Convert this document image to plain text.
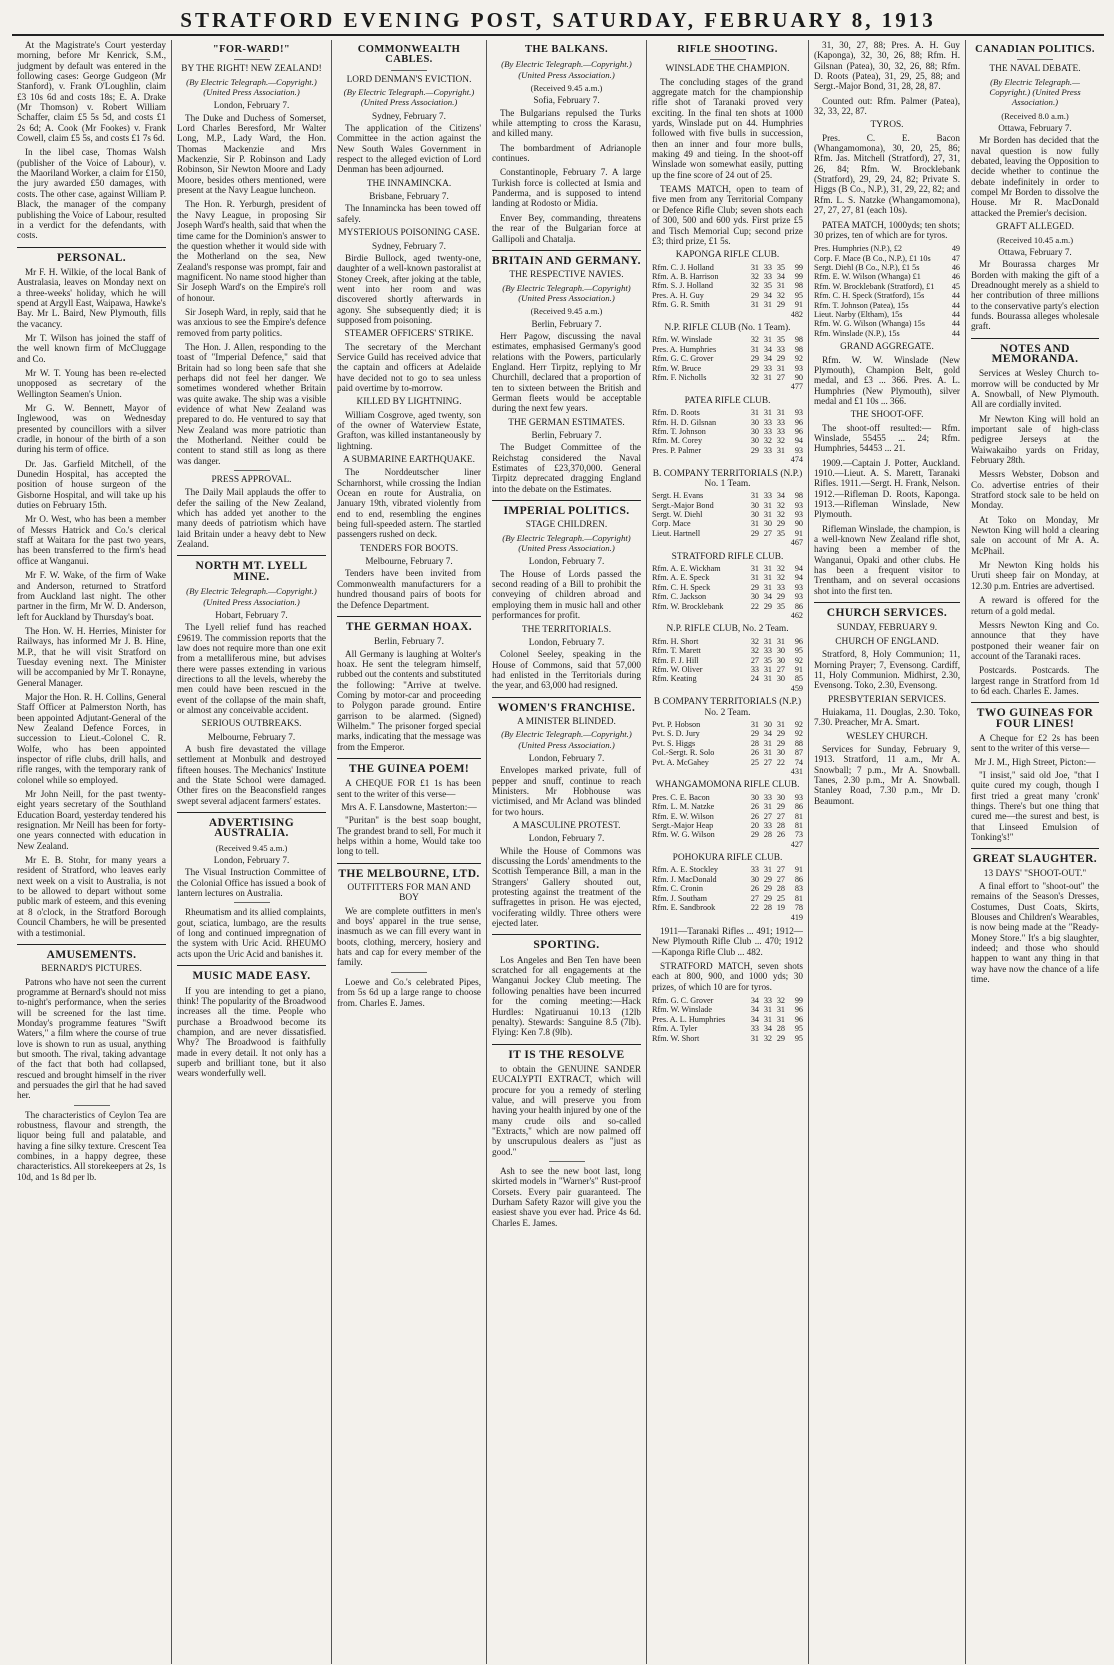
STRATFORD EVENING POST, SATURDAY, FEBRUARY 8, 1913

At the Magistrate's Court yesterday morning, before Mr Kenrick, S.M., judgment by default was entered in the following cases: George Gudgeon (Mr Stanford), v. Frank O'Loughlin, claim £3 10s 6d and costs 18s; E. A. Drake (Mr Thomson) v. Robert William Schaffer, claim £5 5s 5d, and costs £1 2s 6d; A. Cook (Mr Fookes) v. Frank Cowell, claim £5 5s, and costs £1 7s 6d.

In the libel case, Thomas Walsh (publisher of the Voice of Labour), v. the Maoriland Worker, a claim for £150, the jury awarded £50 damages, with costs. The other case, against William P. Black, the manager of the company publishing the Voice of Labour, resulted in a verdict for the defendants, with costs.

PERSONAL.

Mr F. H. Wilkie, of the local Bank of Australasia, leaves on Monday next on a three-weeks' holiday, which he will spend at Argyll East, Waipawa, Hawke's Bay. Mr L. Baird, New Plymouth, fills the vacancy.

Mr T. Wilson has joined the staff of the well known firm of McCluggage and Co.

Mr W. T. Young has been re-elected unopposed as secretary of the Wellington Seamen's Union.

Mr G. W. Bennett, Mayor of Inglewood, was on Wednesday presented by councillors with a silver cradle, in honour of the birth of a son during his term of office.

Dr. Jas. Garfield Mitchell, of the Dunedin Hospital, has accepted the position of house surgeon of the Gisborne Hospital, and will take up his duties on February 15th.

Mr O. West, who has been a member of Messrs Hatrick and Co.'s clerical staff at Waitara for the past two years, has been transferred to the firm's head office at Wanganui.

Mr F. W. Wake, of the firm of Wake and Anderson, returned to Stratford from Auckland last night. The other partner in the firm, Mr W. D. Anderson, left for Auckland by Thursday's boat.

The Hon. W. H. Herries, Minister for Railways, has informed Mr J. B. Hine, M.P., that he will visit Stratford on Tuesday evening next. The Minister will be accompanied by Mr T. Ronayne, General Manager.

Major the Hon. R. H. Collins, General Staff Officer at Palmerston North, has been appointed Adjutant-General of the New Zealand Defence Forces, in succession to Lieut.-Colonel C. R. Wolfe, who has been appointed inspector of rifle clubs, drill halls, and rifle ranges, with the temporary rank of colonel while so employed.

Mr John Neill, for the past twenty-eight years secretary of the Southland Education Board, yesterday tendered his resignation. Mr Neill has been for forty-one years connected with education in New Zealand.

Mr E. B. Stohr, for many years a resident of Stratford, who leaves early next week on a visit to Australia, is not to be allowed to depart without some public mark of esteem, and this evening at 8 o'clock, in the Stratford Borough Council Chambers, he will be presented with a testimonial.

AMUSEMENTS.
BERNARD'S PICTURES.

Patrons who have not seen the current programme at Bernard's should not miss to-night's performance, when the series will be screened for the last time. Monday's programme features "Swift Waters," a film where the course of true love is shown to run as usual, anything but smooth. The rival, taking advantage of the fact that both had collapsed, rescued and brought himself in the river and persuades the girl that he had saved her.

The characteristics of Ceylon Tea are robustness, flavour and strength, the liquor being full and palatable, and having a fine silky texture. Crescent Tea combines, in a happy degree, these characteristics. All storekeepers at 2s, 1s 10d, and 1s 8d per lb.

"FOR-WARD!"
BY THE RIGHT! NEW ZEALAND!
(By Electric Telegraph.—Copyright.) (United Press Association.)
London, February 7.

The Duke and Duchess of Somerset, Lord Charles Beresford, Mr Walter Long, M.P., Lady Ward, the Hon. Thomas Mackenzie and Mrs Mackenzie, Sir P. Robinson and Lady Robinson, Sir Newton Moore and Lady Moore, besides others mentioned, were present at the Navy League luncheon.

The Hon. R. Yerburgh, president of the Navy League, in proposing Sir Joseph Ward's health, said that when the time came for the Dominion's answer to the question whether it would side with the Motherland on the sea, New Zealand's response was prompt, fair and magnificent. No name stood higher than Sir Joseph Ward's on the Empire's roll of honour.

Sir Joseph Ward, in reply, said that he was anxious to see the Empire's defence removed from party politics.

The Hon. J. Allen, responding to the toast of "Imperial Defence," said that Britain had so long been safe that she perhaps did not feel her danger. We sometimes wondered whether Britain was quite awake. The ship was a visible evidence of what New Zealand was prepared to do. He ventured to say that New Zealand was more patriotic than the Motherland. Neither could be content to stand still as long as there was danger.

PRESS APPROVAL.

The Daily Mail applauds the offer to defer the sailing of the New Zealand, which has added yet another to the many deeds of patriotism which have laid Britain under a heavy debt to New Zealand.

NORTH MT. LYELL MINE.
(By Electric Telegraph.—Copyright.) (United Press Association.)
Hobart, February 7.

The Lyell relief fund has reached £9619. The commission reports that the law does not require more than one exit from a metalliferous mine, but advises there were passes extending in various directions to all the levels, whereby the men could have been rescued in the event of the collapse of the main shaft, or almost any conceivable accident.

SERIOUS OUTBREAKS.
Melbourne, February 7.

A bush fire devastated the village settlement at Monbulk and destroyed fifteen houses. The Mechanics' Institute and the State School were damaged. Other fires on the Beaconsfield ranges swept several adjacent farmers' estates.

ADVERTISING AUSTRALIA.
(Received 9.45 a.m.)
London, February 7.

The Visual Instruction Committee of the Colonial Office has issued a book of lantern lectures on Australia.

Rheumatism and its allied complaints, gout, sciatica, lumbago, are the results of long and continued impregnation of the system with Uric Acid. RHEUMO acts upon the Uric Acid and banishes it.

MUSIC MADE EASY.

If you are intending to get a piano, think! The popularity of the Broadwood increases all the time. People who purchase a Broadwood become its champion, and are never dissatisfied. Why? The Broadwood is faithfully made in every detail. It not only has a superb and brilliant tone, but it also wears wonderfully well.

COMMONWEALTH CABLES.
LORD DENMAN'S EVICTION.
(By Electric Telegraph.—Copyright.) (United Press Association.)
Sydney, February 7.

The application of the Citizens' Committee in the action against the New South Wales Government in respect to the alleged eviction of Lord Denman has been adjourned.

THE INNAMINCKA.
Brisbane, February 7.

The Innamincka has been towed off safely.

MYSTERIOUS POISONING CASE.
Sydney, February 7.

Birdie Bullock, aged twenty-one, daughter of a well-known pastoralist at Stoney Creek, after joking at the table, went into her room and was discovered shortly afterwards in agony. She subsequently died; it is supposed from poisoning.

STEAMER OFFICERS' STRIKE.

The secretary of the Merchant Service Guild has received advice that the captain and officers at Adelaide have decided not to go to sea unless paid overtime by to-morrow.

KILLED BY LIGHTNING.

William Cosgrove, aged twenty, son of the owner of Waterview Estate, Grafton, was killed instantaneously by lightning.

A SUBMARINE EARTHQUAKE.

The Norddeutscher liner Scharnhorst, while crossing the Indian Ocean en route for Australia, on January 19th, vibrated violently from end to end, resembling the engines being full-speeded astern. The startled passengers rushed on deck.

TENDERS FOR BOOTS.
Melbourne, February 7.

Tenders have been invited from Commonwealth manufacturers for a hundred thousand pairs of boots for the Defence Department.

THE GERMAN HOAX.
Berlin, February 7.

All Germany is laughing at Wolter's hoax. He sent the telegram himself, rubbed out the contents and substituted the following: "Arrive at twelve. Coming by motor-car and proceeding to Polygon parade ground. Entire garrison to be alarmed. (Signed) Wilhelm." The prisoner forged special marks, indicating that the message was from the Emperor.

THE GUINEA POEM!

A CHEQUE FOR £1 1s has been sent to the writer of this verse—

Mrs A. F. Lansdowne, Masterton:—

"Puritan" is the best soap bought, The grandest brand to sell, For much it helps within a home, Would take too long to tell.

THE MELBOURNE, LTD.
OUTFITTERS FOR MAN AND BOY

We are complete outfitters in men's and boys' apparel in the true sense, inasmuch as we can fill every want in boots, clothing, mercery, hosiery and hats and cap for every member of the family.

Loewe and Co.'s celebrated Pipes, from 5s 6d up a large range to choose from. Charles E. James.

THE BALKANS.
(By Electric Telegraph.—Copyright.) (United Press Association.)
(Received 9.45 a.m.)
Sofia, February 7.

The Bulgarians repulsed the Turks while attempting to cross the Karasu, and killed many.

The bombardment of Adrianople continues.

Constantinople, February 7. A large Turkish force is collected at Ismia and Panderma, and is supposed to intend landing at Rodosto or Midia.

Enver Bey, commanding, threatens the rear of the Bulgarian force at Gallipoli and Chatalja.

BRITAIN AND GERMANY.
THE RESPECTIVE NAVIES.
(By Electric Telegraph.—Copyright) (United Press Association.)
(Received 9.45 a.m.)
Berlin, February 7.

Herr Pagow, discussing the naval estimates, emphasised Germany's good relations with the Powers, particularly England. Herr Tirpitz, replying to Mr Churchill, declared that a proportion of ten to sixteen between the British and German fleets would be acceptable during the next few years.

THE GERMAN ESTIMATES.
Berlin, February 7.

The Budget Committee of the Reichstag considered the Naval Estimates of £23,370,000. General Tirpitz deprecated dragging England into the debate on the Estimates.

IMPERIAL POLITICS.
STAGE CHILDREN.
(By Electric Telegraph.—Copyright) (United Press Association.)
London, February 7.

The House of Lords passed the second reading of a Bill to prohibit the conveying of children abroad and employing them in music hall and other performances for profit.

THE TERRITORIALS.
London, February 7.

Colonel Seeley, speaking in the House of Commons, said that 57,000 had enlisted in the Territorials during the year, and 63,000 had resigned.

WOMEN'S FRANCHISE.
A MINISTER BLINDED.
(By Electric Telegraph.—Copyright.) (United Press Association.)
London, February 7.

Envelopes marked private, full of pepper and snuff, continue to reach Ministers. Mr Hobhouse was victimised, and Mr Acland was blinded for two hours.

A MASCULINE PROTEST.
London, February 7.

While the House of Commons was discussing the Lords' amendments to the Scottish Temperance Bill, a man in the Strangers' Gallery shouted out, protesting against the treatment of the suffragettes in prison. He was ejected, vociferating wildly. Three others were ejected later.

SPORTING.

Los Angeles and Ben Ten have been scratched for all engagements at the Wanganui Jockey Club meeting. The following penalties have been incurred for the coming meeting:—Hack Hurdles: Ngatiruanui 10.13 (12lb penalty). Stewards: Sanguine 8.5 (7lb). Flying: Ken 7.8 (9lb).

IT IS THE RESOLVE

to obtain the GENUINE SANDER EUCALYPTI EXTRACT, which will procure for you a remedy of sterling value, and will preserve you from having your health injured by one of the many crude oils and so-called "Extracts," which are now palmed off by unscrupulous dealers as "just as good."

Ash to see the new boot last, long skirted models in "Warner's" Rust-proof Corsets. Every pair guaranteed. The Durham Safety Razor will give you the easiest shave you ever had. Price 4s 6d. Charles E. James.

RIFLE SHOOTING.
WINSLADE THE CHAMPION.

The concluding stages of the grand aggregate match for the championship rifle shot of Taranaki proved very exciting. In the final ten shots at 1000 yards, Winslade put on 44. Humphries followed with five bulls in succession, then an inner and four more bulls, making 49 and tieing. In the shoot-off Winslade won somewhat easily, putting up the fine score of 24 out of 25.

TEAMS MATCH, open to team of five men from any Territorial Company or Defence Rifle Club; seven shots each of 300, 500 and 600 yds. First prize £5 and Tisch Memorial Cup; second prize £3; third prize, £1 5s.

KAPONGA RIFLE CLUB.
Rfm. C. J. Holland	31	33	35	99
Rfm. A. B. Harrison	32	33	34	99
Rfm. S. J. Holland	32	35	31	98
Pres. A. H. Guy	29	34	32	95
Rfm. G. R. Smith	31	31	29	91
482				
N.P. RIFLE CLUB (No. 1 Team).
Rfm. W. Winslade	32	31	35	98
Pres. A. Humphries	31	34	33	98
Rfm. G. C. Grover	29	34	29	92
Rfm. W. Bruce	29	33	31	93
Rfm. F. Nicholls	32	31	27	90
477				
PATEA RIFLE CLUB.
Rfm. D. Roots	31	31	31	93
Rfm. H. D. Gilsnan	30	33	33	96
Rfm. T. Johnson	30	33	33	96
Rfm. M. Corey	30	32	32	94
Pres. P. Palmer	29	33	31	93
474				
B. COMPANY TERRITORIALS (N.P.) No. 1 Team.
Sergt. H. Evans	31	33	34	98
Sergt.-Major Bond	30	31	32	93
Sergt. W. Diehl	30	31	32	93
Corp. Mace	31	30	29	90
Lieut. Hartnell	29	27	35	91
467				
STRATFORD RIFLE CLUB.
Rfm. A. E. Wickham	31	31	32	94
Rfm. A. E. Speck	31	31	32	94
Rfm. C. H. Speck	29	31	33	93
Rfm. C. Jackson	30	34	29	93
Rfm. W. Brocklebank	22	29	35	86
462				
N.P. RIFLE CLUB, No. 2 Team.
Rfm. H. Short	32	31	31	96
Rfm. T. Marett	32	33	30	95
Rfm. F. J. Hill	27	35	30	92
Rfm. W. Oliver	33	31	27	91
Rfm. Keating	24	31	30	85
459				
B COMPANY TERRITORIALS (N.P.) No. 2 Team.
Pvt. P. Hobson	31	30	31	92
Pvt. S. D. Jury	29	34	29	92
Pvt. S. Higgs	28	31	29	88
Col.-Sergt. R. Solo	26	31	30	87
Pvt. A. McGahey	25	27	22	74
431				
WHANGAMOMONA RIFLE CLUB.
Pres. C. E. Bacon	30	33	30	93
Rfm. L. M. Natzke	26	31	29	86
Rfm. E. W. Wilson	26	27	27	81
Sergt.-Major Heap	20	33	28	81
Rfm. W. G. Wilson	29	28	26	73
427				
POHOKURA RIFLE CLUB.
Rfm. A. E. Stockley	33	31	27	91
Rfm. J. MacDonald	30	29	27	86
Rfm. C. Cronin	26	29	28	83
Rfm. J. Southam	27	29	25	81
Rfm. E. Sandbrook	22	28	19	78
419				

1911—Taranaki Rifles ... 491; 1912—New Plymouth Rifle Club ... 470; 1912—Kaponga Rifle Club ... 482.

STRATFORD MATCH, seven shots each at 800, 900, and 1000 yds; 30 prizes, of which 10 are for tyros.

Rfm. G. C. Grover	34	33	32	99
Rfm. W. Winslade	34	31	31	96
Pres. A. L. Humphries	34	31	31	96
Rfm. A. Tyler	33	34	28	95
Rfm. W. Short	31	32	29	95

31, 30, 27, 88; Pres. A. H. Guy (Kaponga), 32, 30, 26, 88; Rfm. H. Gilsnan (Patea), 30, 32, 26, 88; Rfm. D. Roots (Patea), 31, 29, 25, 88; and Sergt.-Major Bond, 31, 28, 28, 87.

Counted out: Rfm. Palmer (Patea), 32, 33, 22, 87.

TYROS.

Pres. C. E. Bacon (Whangamomona), 30, 20, 25, 86; Rfm. Jas. Mitchell (Stratford), 27, 31, 26, 84; Rfm. W. Brocklebank (Stratford), 29, 29, 24, 82; Private S. Higgs (B Co., N.P.), 31, 29, 22, 82; and Rfm. L. S. Natzke (Whangamomona), 27, 27, 27, 81 (each 10s).

PATEA MATCH, 1000yds; ten shots; 30 prizes, ten of which are for tyros.

Pres. Humphries (N.P.), £2	49
Corp. F. Mace (B Co., N.P.), £1 10s	47
Sergt. Diehl (B Co., N.P.), £1 5s	46
Rfm. E. W. Wilson (Whanga) £1	46
Rfm. W. Brocklebank (Stratford), £1	45
Rfm. C. H. Speck (Stratford), 15s	44
Rfm. T. Johnson (Patea), 15s	44
Lieut. Narby (Eltham), 15s	44
Rfm. W. G. Wilson (Whanga) 15s	44
Rfm. Winslade (N.P.), 15s	44
GRAND AGGREGATE.

Rfm. W. W. Winslade (New Plymouth), Champion Belt, gold medal, and £3 ... 366. Pres. A. L. Humphries (New Plymouth), silver medal and £1 10s ... 366.

THE SHOOT-OFF.

The shoot-off resulted:— Rfm. Winslade, 55455 ... 24; Rfm. Humphries, 54453 ... 21.

1909.—Captain J. Potter, Auckland. 1910.—Lieut. A. S. Marett, Taranaki Rifles. 1911.—Sergt. H. Frank, Nelson. 1912.—Rifleman D. Roots, Kaponga. 1913.—Rifleman Winslade, New Plymouth.

Rifleman Winslade, the champion, is a well-known New Zealand rifle shot, having been a member of the Wanganui, Opaki and other clubs. He has been a frequent visitor to Trentham, and on several occasions shot into the first ten.

CHURCH SERVICES.
SUNDAY, FEBRUARY 9.
CHURCH OF ENGLAND.

Stratford, 8, Holy Communion; 11, Morning Prayer; 7, Evensong. Cardiff, 11, Holy Communion. Midhirst, 2.30, Evensong. Toko, 2.30, Evensong.

PRESBYTERIAN SERVICES.

Huiakama, 11. Douglas, 2.30. Toko, 7.30. Preacher, Mr A. Smart.

WESLEY CHURCH.

Services for Sunday, February 9, 1913. Stratford, 11 a.m., Mr A. Snowball; 7 p.m., Mr A. Snowball. Tanes, 2.30 p.m., Mr A. Snowball. Stanley Road, 7.30 p.m., Mr D. Beaumont.

CANADIAN POLITICS.
THE NAVAL DEBATE.
(By Electric Telegraph.—Copyright.) (United Press Association.)
(Received 8.0 a.m.)
Ottawa, February 7.

Mr Borden has decided that the naval question is now fully debated, leaving the Opposition to decide whether to continue the debate indefinitely in order to compel Mr Borden to dissolve the House. Mr R. MacDonald attacked the Premier's decision.

GRAFT ALLEGED.
(Received 10.45 a.m.)
Ottawa, February 7.

Mr Bourassa charges Mr Borden with making the gift of a Dreadnought merely as a shield to her contribution of three millions to the conservative party's election funds. Bourassa alleges wholesale graft.

NOTES AND MEMORANDA.

Services at Wesley Church to-morrow will be conducted by Mr A. Snowball, of New Plymouth. All are cordially invited.

Mr Newton King will hold an important sale of high-class pedigree Jerseys at the Waiwakaiho yards on Friday, February 28th.

Messrs Webster, Dobson and Co. advertise entries of their Stratford stock sale to be held on Monday.

At Toko on Monday, Mr Newton King will hold a clearing sale on account of Mr A. A. McPhail.

Mr Newton King holds his Uruti sheep fair on Monday, at 12.30 p.m. Entries are advertised.

A reward is offered for the return of a gold medal.

Messrs Newton King and Co. announce that they have postponed their weaner fair on account of the Taranaki races.

Postcards. Postcards. The largest range in Stratford from 1d to 6d each. Charles E. James.

TWO GUINEAS FOR FOUR LINES!

A Cheque for £2 2s has been sent to the writer of this verse—

Mr J. M., High Street, Picton:—

"I insist," said old Joe, "that I quite cured my cough, though I first tried a great many 'cronk' things. There's but one thing that cured me—the surest and best, is that Linseed Emulsion of Tonking's!"

GREAT SLAUGHTER.
13 DAYS' "SHOOT-OUT."

A final effort to "shoot-out" the remains of the Season's Dresses, Costumes, Dust Coats, Skirts, Blouses and Children's Wearables, is now being made at the "Ready-Money Store." It's a big slaughter, indeed; and those who should happen to want any thing in that way have now the chance of a life time.
